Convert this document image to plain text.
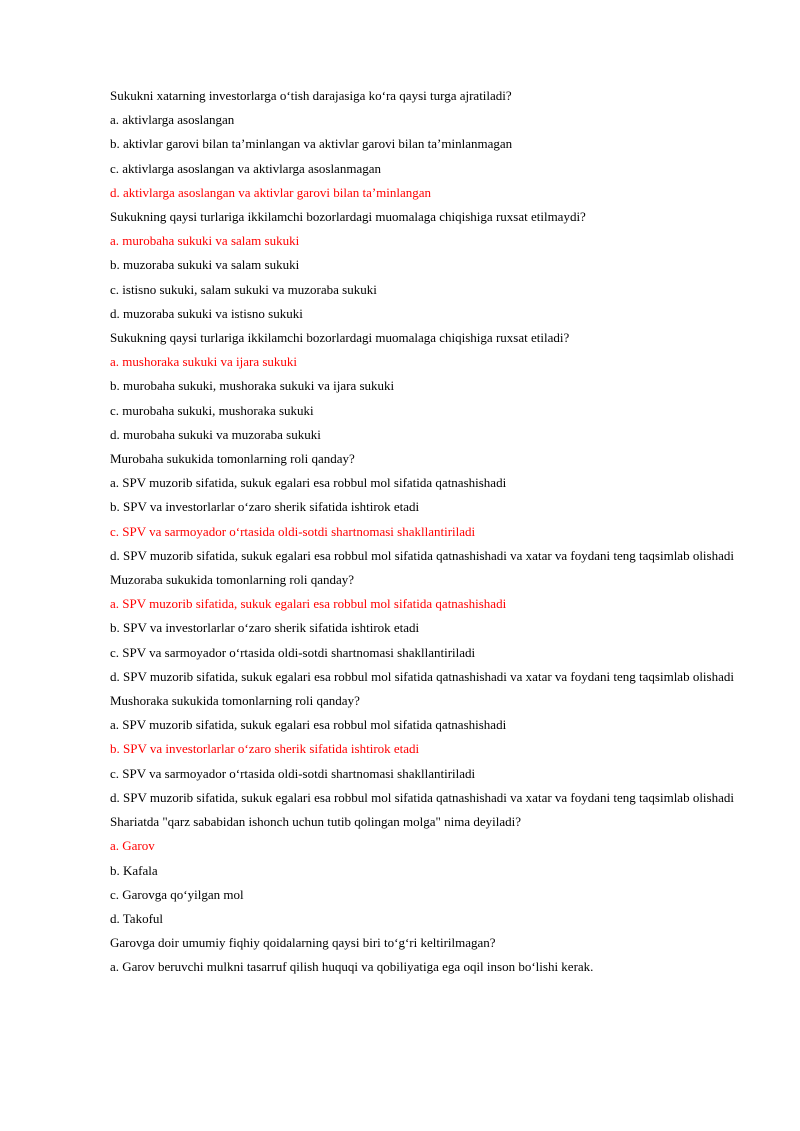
Sukukni xatarning investorlarga oʻtish darajasiga koʻra qaysi turga ajratiladi?
a. aktivlarga asoslangan
b. aktivlar garovi bilan taʼminlangan va aktivlar garovi bilan taʼminlanmagan
c. aktivlarga asoslangan va aktivlarga asoslanmagan
d. aktivlarga asoslangan va aktivlar garovi bilan taʼminlangan
Sukukning qaysi turlariga ikkilamchi bozorlardagi muomalaga chiqishiga ruxsat etilmaydi?
a. murobaha sukuki va salam sukuki
b. muzoraba sukuki va salam sukuki
c. istisno sukuki, salam sukuki va muzoraba sukuki
d. muzoraba sukuki va istisno sukuki
Sukukning qaysi turlariga ikkilamchi bozorlardagi muomalaga chiqishiga ruxsat etiladi?
a. mushoraka sukuki va ijara sukuki
b. murobaha sukuki, mushoraka sukuki va ijara sukuki
c. murobaha sukuki, mushoraka sukuki
d. murobaha sukuki va muzoraba sukuki
Murobaha sukukida tomonlarning roli qanday?
a. SPV muzorib sifatida, sukuk egalari esa robbul mol sifatida qatnashishadi
b. SPV va investorlarlar oʻzaro sherik sifatida ishtirok etadi
c. SPV va sarmoyador oʻrtasida oldi-sotdi shartnomasi shakllantiriladi
d. SPV muzorib sifatida, sukuk egalari esa robbul mol sifatida qatnashishadi va xatar va foydani teng taqsimlab olishadi
Muzoraba sukukida tomonlarning roli qanday?
a. SPV muzorib sifatida, sukuk egalari esa robbul mol sifatida qatnashishadi
b. SPV va investorlarlar oʻzaro sherik sifatida ishtirok etadi
c. SPV va sarmoyador oʻrtasida oldi-sotdi shartnomasi shakllantiriladi
d. SPV muzorib sifatida, sukuk egalari esa robbul mol sifatida qatnashishadi va xatar va foydani teng taqsimlab olishadi
Mushoraka sukukida tomonlarning roli qanday?
a. SPV muzorib sifatida, sukuk egalari esa robbul mol sifatida qatnashishadi
b. SPV va investorlarlar oʻzaro sherik sifatida ishtirok etadi
c. SPV va sarmoyador oʻrtasida oldi-sotdi shartnomasi shakllantiriladi
d. SPV muzorib sifatida, sukuk egalari esa robbul mol sifatida qatnashishadi va xatar va foydani teng taqsimlab olishadi
Shariatda "qarz sababidan ishonch uchun tutib qolingan molga" nima deyiladi?
a. Garov
b. Kafala
c. Garovga qoʻyilgan mol
d. Takoful
Garovga doir umumiy fiqhiy qoidalarning qaysi biri toʻgʻri keltirilmagan?
a. Garov beruvchi mulkni tasarruf qilish huquqi va qobiliyatiga ega oqil inson boʻlishi kerak.
